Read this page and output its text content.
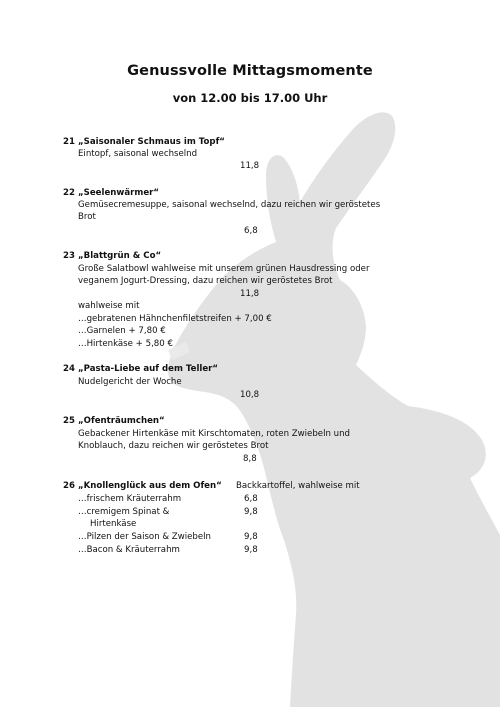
Genussvolle Mittagsmomente
von 12.00 bis 17.00 Uhr
21 „Saisonaler Schmaus im Topf“
Eintopf, saisonal wechselnd
11,8
22 „Seelenwärmer“
Gemüsecremesuppe, saisonal wechselnd, dazu reichen wir geröstetes
Brot
6,8
23 „Blattgrün & Co“
Große Salatbowl wahlweise mit unserem grünen Hausdressing oder
veganem Jogurt-Dressing, dazu reichen wir geröstetes Brot
11,8
wahlweise mit
…gebratenen Hähnchenfiletstreifen + 7,00 €
…Garnelen + 7,80 €
…Hirtenkäse + 5,80 €
24 „Pasta-Liebe auf dem Teller“
Nudelgericht der Woche
10,8
25 „Ofenträumchen“
Gebackener Hirtenkäse mit Kirschtomaten, roten Zwiebeln und
Knoblauch, dazu reichen wir geröstetes Brot
8,8
26 „Knollenglück aus dem Ofen“ Backkartoffel, wahlweise mit
…frischem Kräuterrahm	6,8
…cremigem Spinat &	9,8
Hirtenkäse
…Pilzen der Saison & Zwiebeln	9,8
…Bacon & Kräuterrahm	9,8
